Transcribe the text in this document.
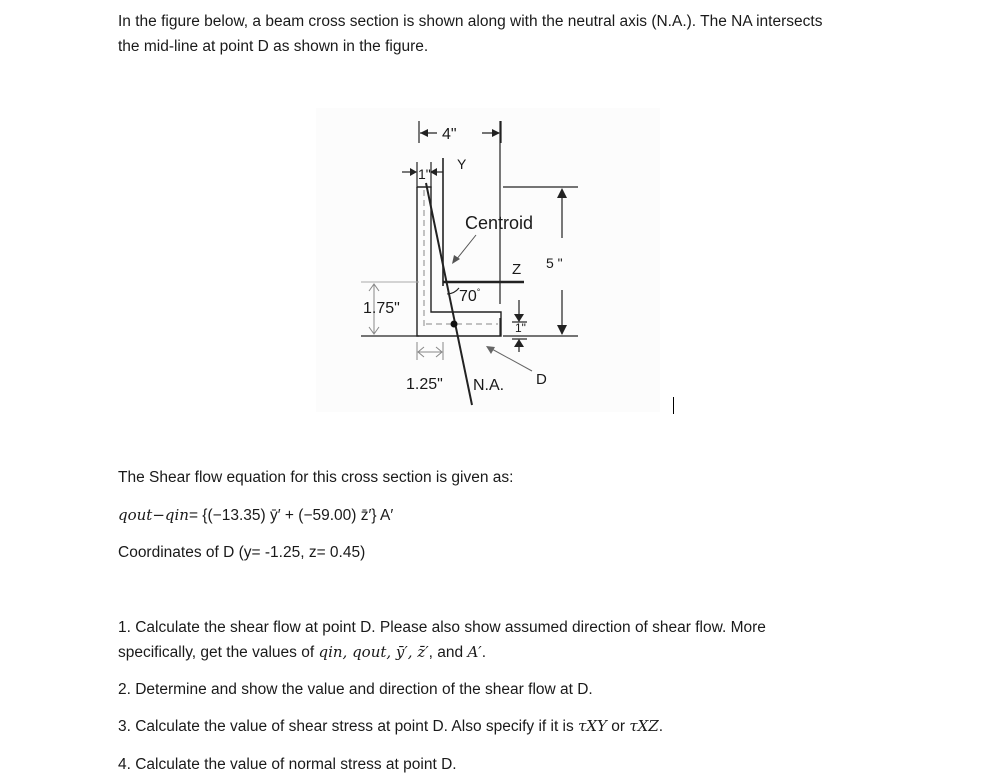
In the figure below, a beam cross section is shown along with the neutral axis (N.A.). The NA intersects the mid-line at point D as shown in the figure.

4"
1"
Y
Centroid
Z
70°
5 "
1.75"
1"
1.25" N.A. D

The Shear flow equation for this cross section is given as:

qout−qin= {(−13.35) ȳ′ + (−59.00) z̄′} A′

Coordinates of D (y= -1.25, z= 0.45)

1. Calculate the shear flow at point D. Please also show assumed direction of shear flow. More specifically, get the values of qin, qout, ȳ′, z̄′, and A′.

2. Determine and show the value and direction of the shear flow at D.

3. Calculate the value of shear stress at point D. Also specify if it is τXY or τXZ.

4. Calculate the value of normal stress at point D.
